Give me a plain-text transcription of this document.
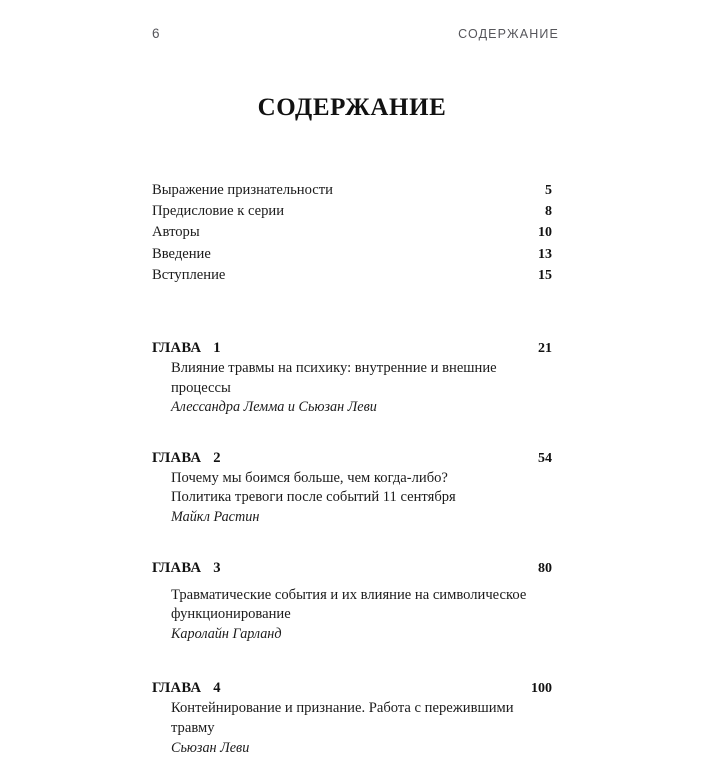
6	СОДЕРЖАНИЕ
СОДЕРЖАНИЕ
Выражение признательности	5
Предисловие к серии	8
Авторы	10
Введение	13
Вступление	15
ГЛАВА   1	21
Влияние травмы на психику: внутренние и внешние процессы
Алессандра Лемма и Сьюзан Леви
ГЛАВА   2	54
Почему мы боимся больше, чем когда-либо?
Политика тревоги после событий 11 сентября
Майкл Растин
ГЛАВА   3	80
Травматические события и их влияние на символическое
функционирование
Каролайн Гарланд
ГЛАВА   4	100
Контейнирование и признание. Работа с пережившими травму
Сьюзан Леви
